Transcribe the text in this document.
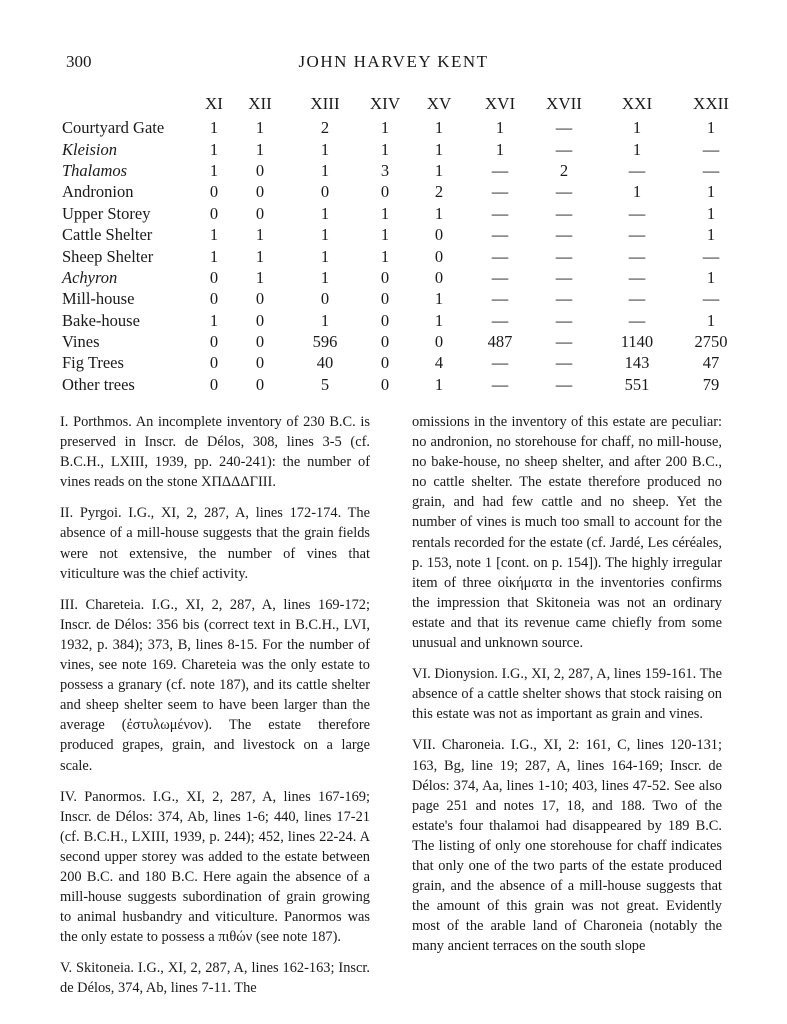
300	JOHN HARVEY KENT
	XI	XII	XIII	XIV	XV	XVI	XVII	XXI	XXII
Courtyard Gate	1	1	2	1	1	1	—	1	1
Kleision	1	1	1	1	1	1	—	1	—
Thalamos	1	0	1	3	1	—	2	—	—
Andronion	0	0	0	0	2	—	—	1	1
Upper Storey	0	0	1	1	1	—	—	—	1
Cattle Shelter	1	1	1	1	0	—	—	—	1
Sheep Shelter	1	1	1	1	0	—	—	—	—
Achyron	0	1	1	0	0	—	—	—	1
Mill-house	0	0	0	0	1	—	—	—	—
Bake-house	1	0	1	0	1	—	—	—	1
Vines	0	0	596	0	0	487	—	1140	2750
Fig Trees	0	0	40	0	4	—	—	143	47
Other trees	0	0	5	0	1	—	—	551	79

I. Porthmos. An incomplete inventory of 230 B.C. is preserved in Inscr. de Délos, 308, lines 3-5 (cf. B.C.H., LXIII, 1939, pp. 240-241): the number of vines reads on the stone XΠΔΔΔΓΙΙΙ.

II. Pyrgoi. I.G., XI, 2, 287, A, lines 172-174. The absence of a mill-house suggests that the grain fields were not extensive, the number of vines that viticulture was the chief activity.

III. Chareteia. I.G., XI, 2, 287, A, lines 169-172; Inscr. de Délos: 356 bis (correct text in B.C.H., LVI, 1932, p. 384); 373, B, lines 8-15. For the number of vines, see note 169. Chareteia was the only estate to possess a granary (cf. note 187), and its cattle shelter and sheep shelter seem to have been larger than the average (ἐστυλωμένον). The estate therefore produced grapes, grain, and livestock on a large scale.

IV. Panormos. I.G., XI, 2, 287, A, lines 167-169; Inscr. de Délos: 374, Ab, lines 1-6; 440, lines 17-21 (cf. B.C.H., LXIII, 1939, p. 244); 452, lines 22-24. A second upper storey was added to the estate between 200 B.C. and 180 B.C. Here again the absence of a mill-house suggests subordination of grain growing to animal husbandry and viticulture. Panormos was the only estate to possess a πιθών (see note 187).

V. Skitoneia. I.G., XI, 2, 287, A, lines 162-163; Inscr. de Délos, 374, Ab, lines 7-11. The

omissions in the inventory of this estate are peculiar: no andronion, no storehouse for chaff, no mill-house, no bake-house, no sheep shelter, and after 200 B.C., no cattle shelter. The estate therefore produced no grain, and had few cattle and no sheep. Yet the number of vines is much too small to account for the rentals recorded for the estate (cf. Jardé, Les céréales, p. 153, note 1 [cont. on p. 154]). The highly irregular item of three οἰκήματα in the inventories confirms the impression that Skitoneia was not an ordinary estate and that its revenue came chiefly from some unusual and unknown source.

VI. Dionysion. I.G., XI, 2, 287, A, lines 159-161. The absence of a cattle shelter shows that stock raising on this estate was not as important as grain and vines.

VII. Charoneia. I.G., XI, 2: 161, C, lines 120-131; 163, Bg, line 19; 287, A, lines 164-169; Inscr. de Délos: 374, Aa, lines 1-10; 403, lines 47-52. See also page 251 and notes 17, 18, and 188. Two of the estate's four thalamoi had disappeared by 189 B.C. The listing of only one storehouse for chaff indicates that only one of the two parts of the estate produced grain, and the absence of a mill-house suggests that the amount of this grain was not great. Evidently most of the arable land of Charoneia (notably the many ancient terraces on the south slope
